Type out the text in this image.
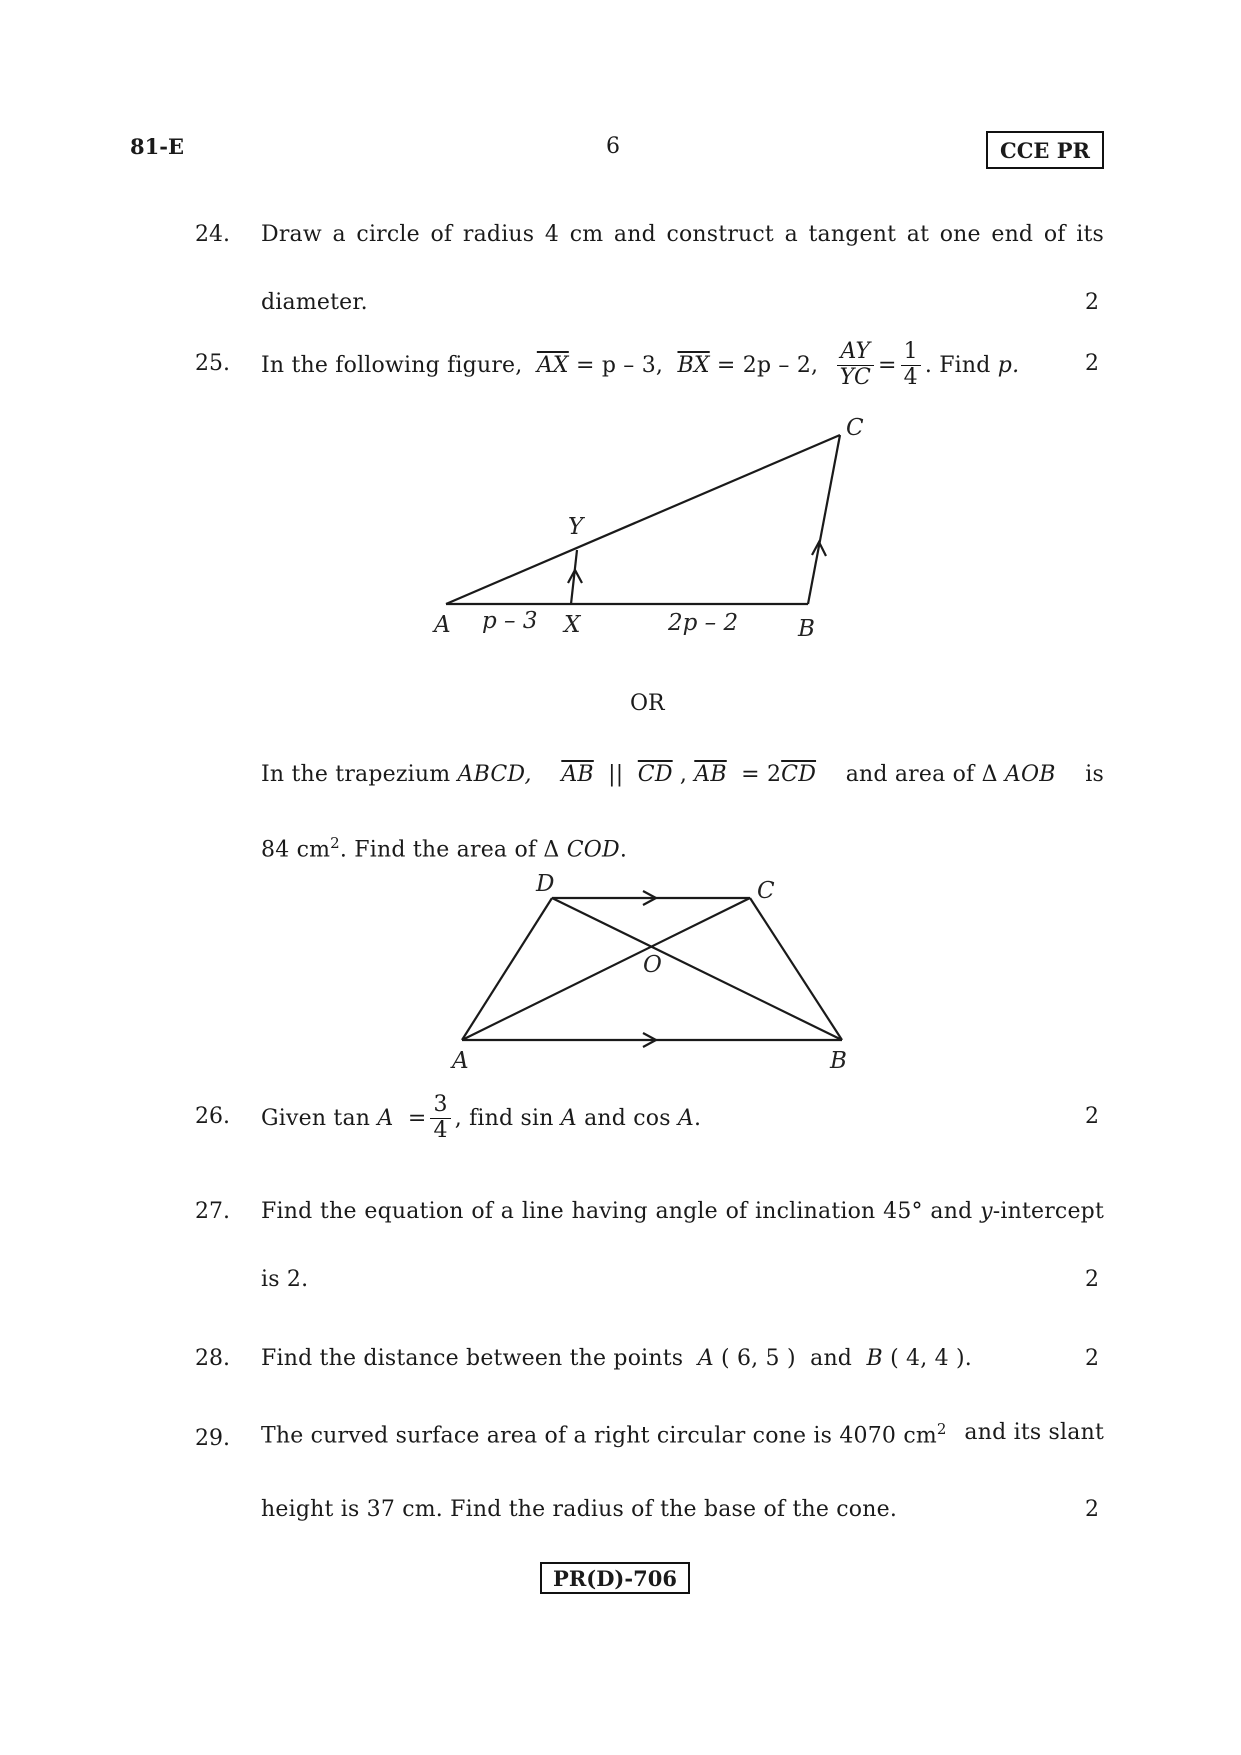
81-E	6	CCE PR
24. Draw a circle of radius 4 cm and construct a tangent at one end of its
diameter.	2
25. In the following figure,
$\overline{AX}$
= p – 3,
$\overline{BX}$
= 2p – 2,
$\frac{AY}{YC} = \frac{1}{4}$ . Find
p.	2
A	B
C
X
Y
p – 3	2p – 2
OR
In the trapezium ABCD, $\overline{AB}$ || $\overline{CD}$ , $\overline{AB} = 2\overline{CD}$ and area of Δ AOB is
84 $cm^2$. Find the area of Δ COD.
A	B
C
D
O
26. Given tan
A
= $\frac{3}{4}$ , find sin
A
and cos
A .	2
27. Find the equation of a line having angle of inclination 45° and y-intercept
is 2.	2
28. Find the distance between the points A ( 6, 5 ) and B ( 4, 4 ).	2
29. The curved surface area of a right circular cone is 4070 $cm^2$ and its slant
height is 37 cm. Find the radius of the base of the cone.	2
PR(D)-706
